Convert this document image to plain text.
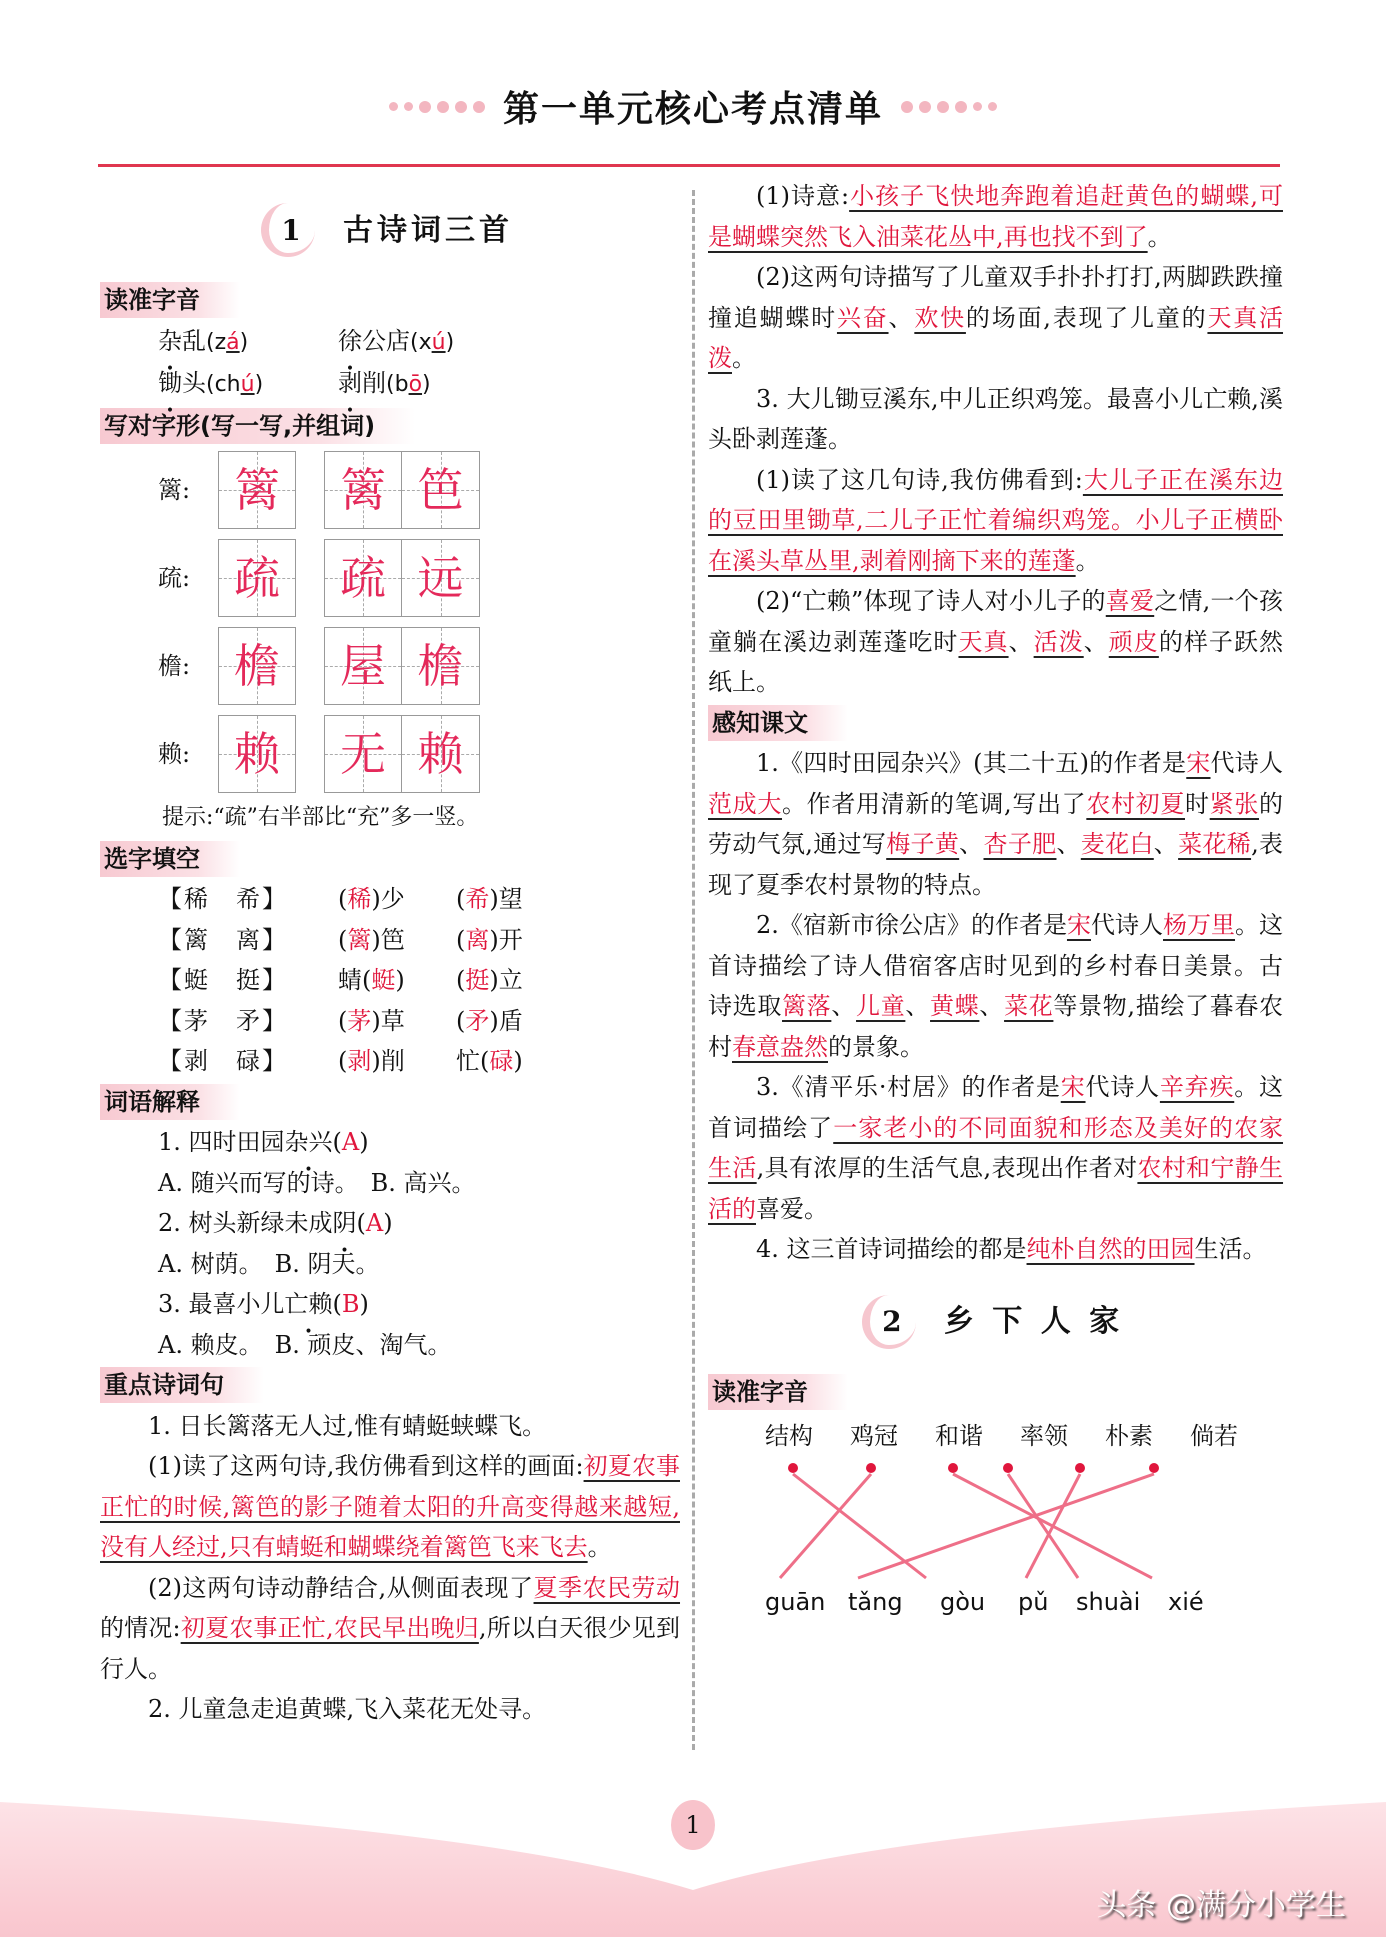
第一单元核心考点清单
1	古诗词三首
读准字音
杂乱(zá)	徐公店(xú)
锄头(chú)	剥削(bō)
写对字形(写一写,并组词)
篱: 篱 篱 笆
疏: 疏 疏 远
檐: 檐 屋 檐
赖: 赖 无 赖
提示:“疏”右半部比“充”多一竖。
选字填空
【稀　希】	(稀)少	(希)望
【篱　离】	(篱)笆	(离)开
【蜓　挺】	蜻(蜓)	(挺)立
【茅　矛】	(茅)草	(矛)盾
【剥　碌】	(剥)削	忙(碌)
词语解释
1. 四时田园杂兴(A)
A. 随兴而写的诗。　B. 高兴。
2. 树头新绿未成阴(A)
A. 树荫。　B. 阴天。
3. 最喜小儿亡赖(B)
A. 赖皮。　B. 顽皮、淘气。
重点诗词句
1. 日长篱落无人过,惟有蜻蜓蛱蝶飞。
(1)读了这两句诗,我仿佛看到这样的画面:初夏农事正忙的时候,篱笆的影子随着太阳的升高变得越来越短,没有人经过,只有蜻蜓和蝴蝶绕着篱笆飞来飞去。
(2)这两句诗动静结合,从侧面表现了夏季农民劳动的情况:初夏农事正忙,农民早出晚归,所以白天很少见到行人。
2. 儿童急走追黄蝶,飞入菜花无处寻。
(1)诗意:小孩子飞快地奔跑着追赶黄色的蝴蝶,可是蝴蝶突然飞入油菜花丛中,再也找不到了。
(2)这两句诗描写了儿童双手扑扑打打,两脚跌跌撞撞追蝴蝶时兴奋、欢快的场面,表现了儿童的天真活泼。
3. 大儿锄豆溪东,中儿正织鸡笼。最喜小儿亡赖,溪头卧剥莲蓬。
(1)读了这几句诗,我仿佛看到:大儿子正在溪东边的豆田里锄草,二儿子正忙着编织鸡笼。小儿子正横卧在溪头草丛里,剥着刚摘下来的莲蓬。
(2)“亡赖”体现了诗人对小儿子的喜爱之情,一个孩童躺在溪边剥莲蓬吃时天真、活泼、顽皮的样子跃然纸上。
感知课文
1.《四时田园杂兴》(其二十五)的作者是宋代诗人范成大。作者用清新的笔调,写出了农村初夏时紧张的劳动气氛,通过写梅子黄、杏子肥、麦花白、菜花稀,表现了夏季农村景物的特点。
2.《宿新市徐公店》的作者是宋代诗人杨万里。这首诗描绘了诗人借宿客店时见到的乡村春日美景。古诗选取篱落、儿童、黄蝶、菜花等景物,描绘了暮春农村春意盎然的景象。
3.《清平乐·村居》的作者是宋代诗人辛弃疾。这首词描绘了一家老小的不同面貌和形态及美好的农家生活,具有浓厚的生活气息,表现出作者对农村和宁静生活的喜爱。
4. 这三首诗词描绘的都是纯朴自然的田园生活。
2	乡 下 人 家
读准字音
结构 鸡冠 和谐 率领 朴素 倘若
guān tǎng gòu pǔ shuài xié
1
头条 @满分小学生
